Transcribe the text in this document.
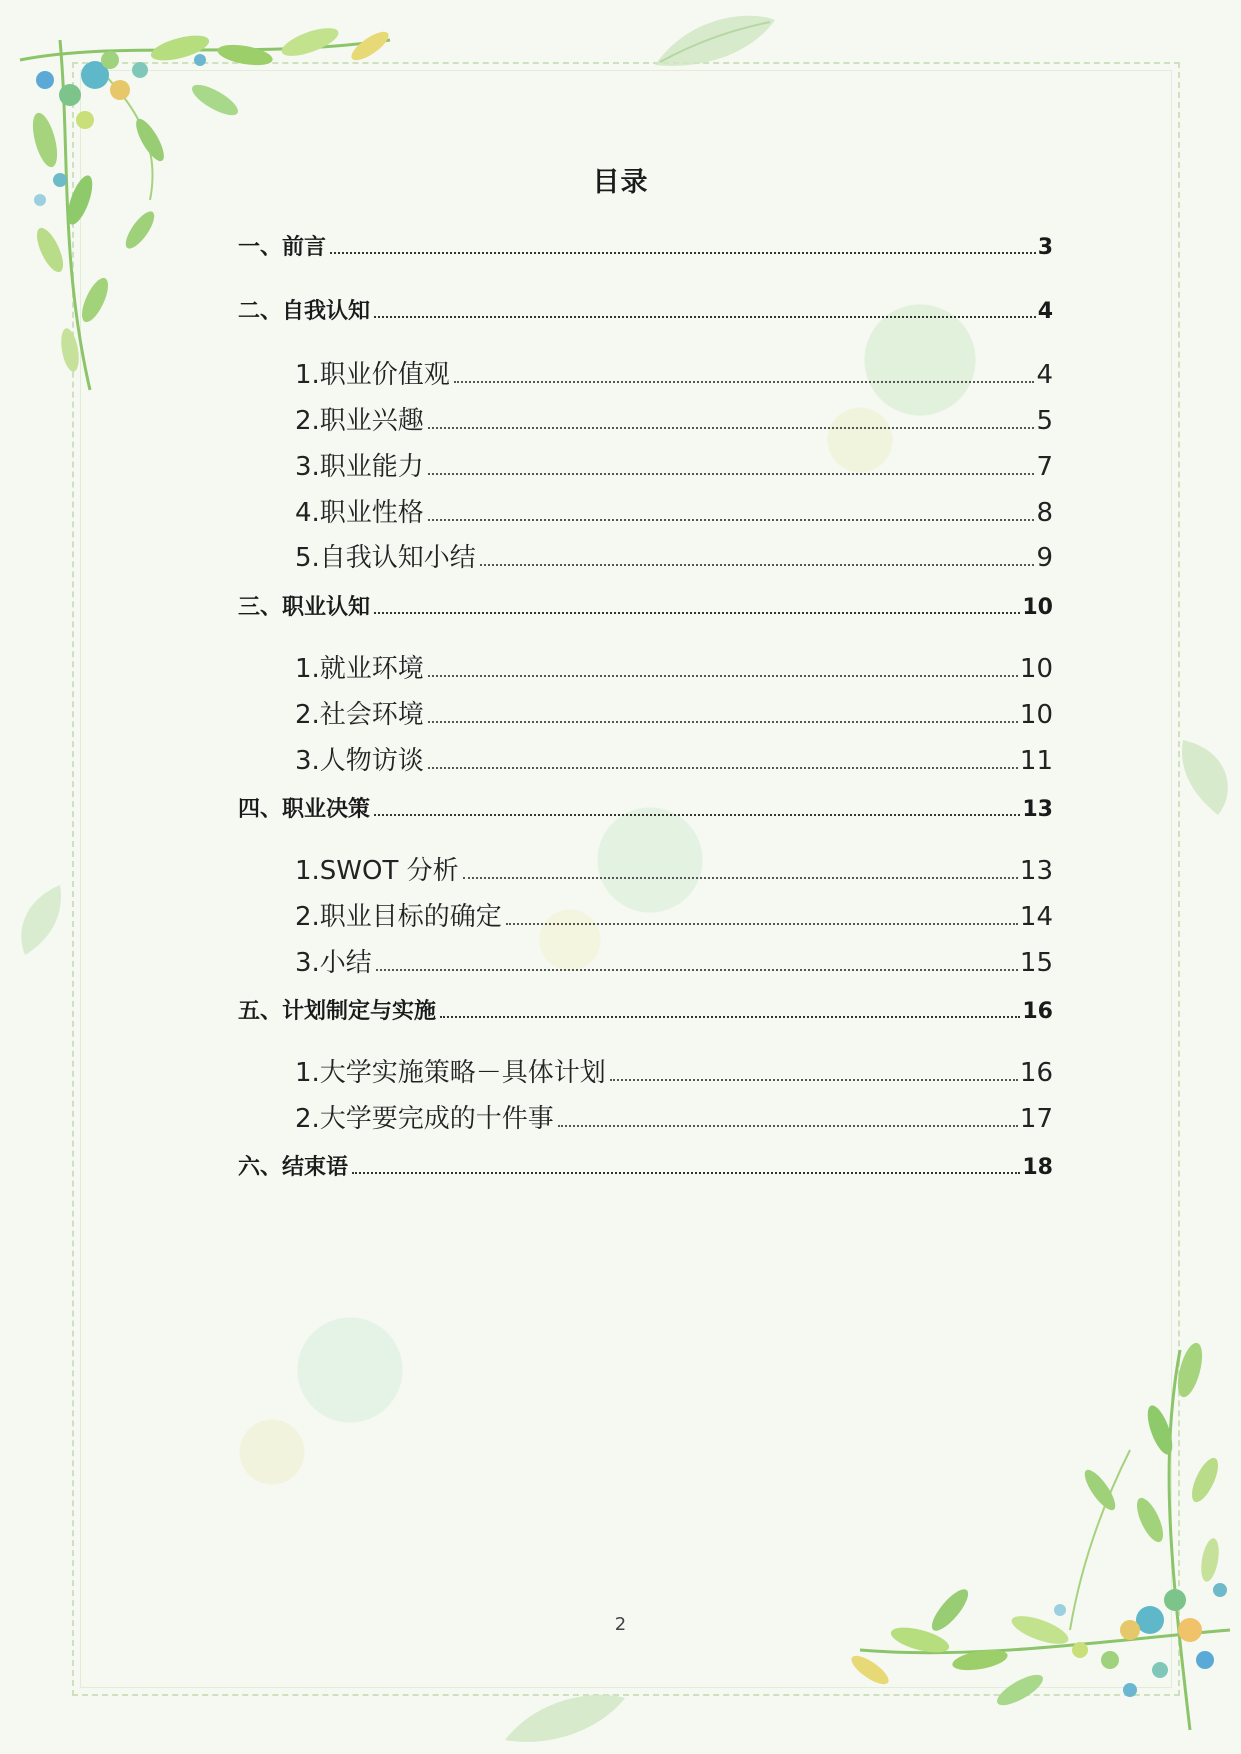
目录
一、前言	3
二、自我认知	4
1.职业价值观	4
2.职业兴趣	5
3.职业能力	7
4.职业性格	8
5.自我认知小结	9
三、职业认知	10
1.就业环境	10
2.社会环境	10
3.人物访谈	11
四、职业决策	13
1.SWOT 分析	13
2.职业目标的确定	14
3.小结	15
五、计划制定与实施	16
1.大学实施策略－具体计划	16
2.大学要完成的十件事	17
六、结束语	18
2
